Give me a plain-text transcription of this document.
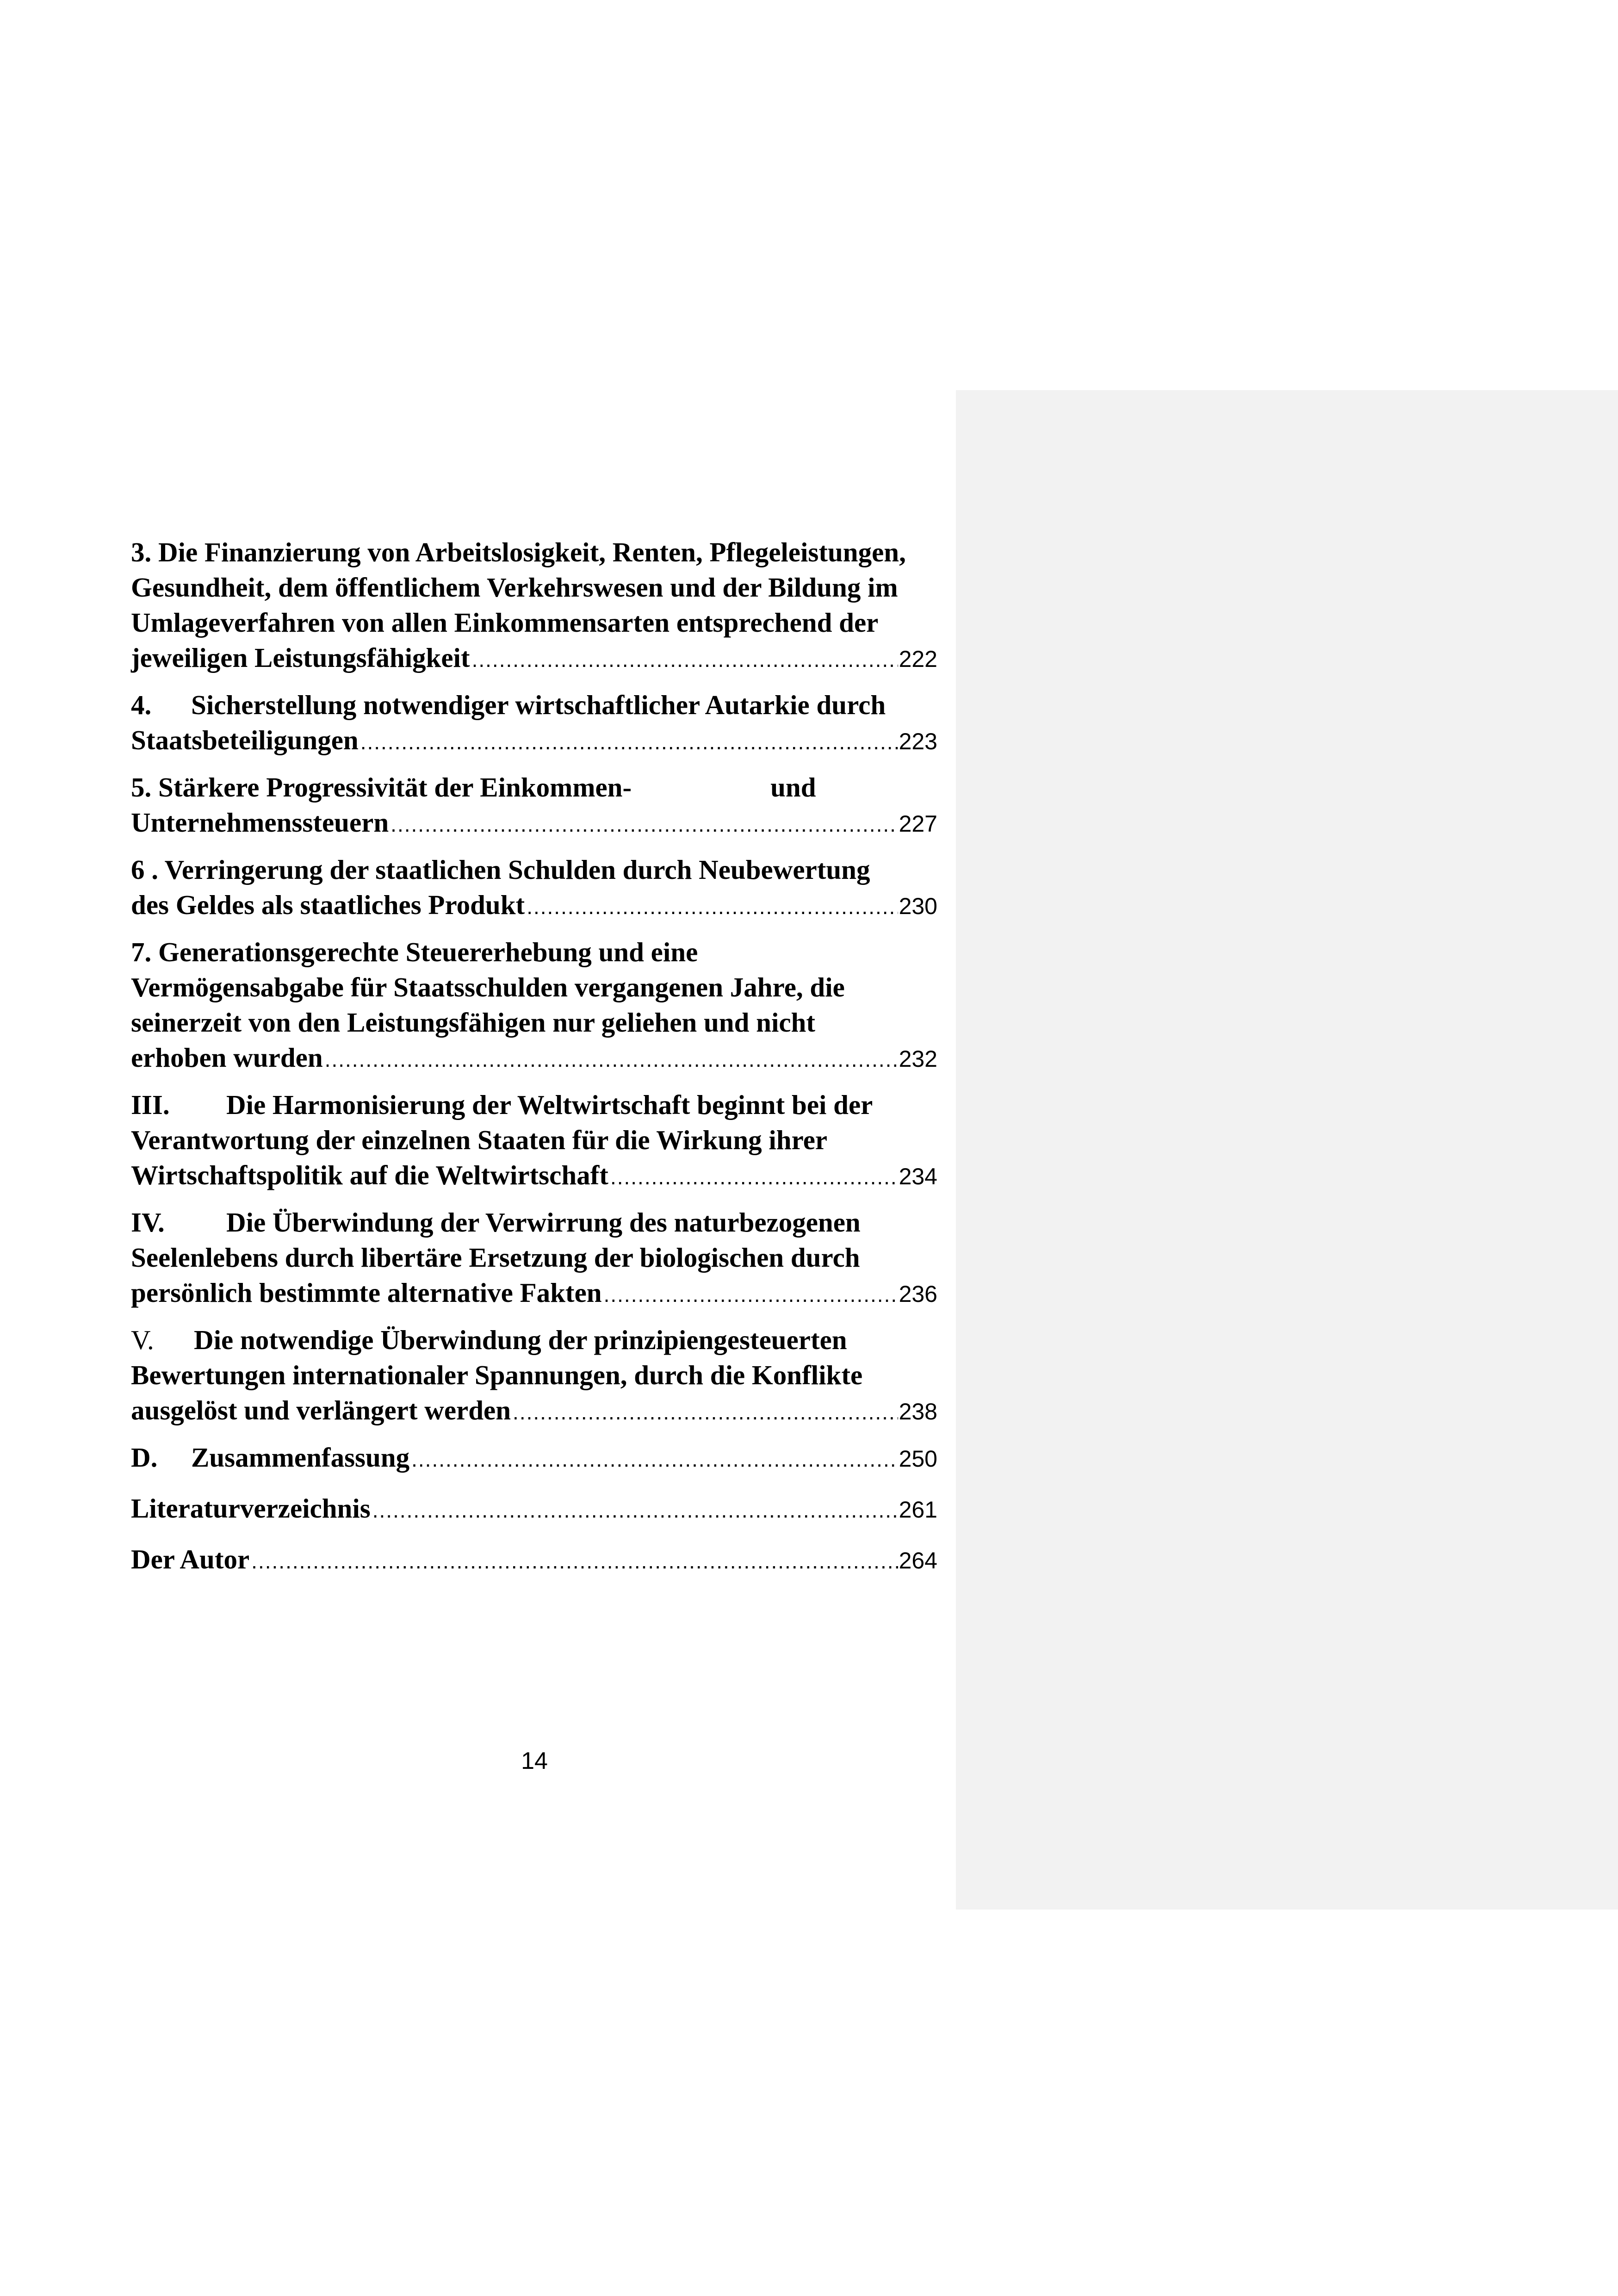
3. Die Finanzierung von Arbeitslosigkeit, Renten, Pflegeleistungen,
Gesundheit, dem öffentlichem Verkehrswesen und der Bildung im
Umlageverfahren von allen Einkommensarten entsprechend der
jeweiligen Leistungsfähigkeit .....	222
4. Sicherstellung notwendiger wirtschaftlicher Autarkie durch
Staatsbeteiligungen .....	223
5. Stärkere Progressivität der Einkommen-	und
Unternehmenssteuern .....	227
6 . Verringerung der staatlichen Schulden durch Neubewertung
des Geldes als staatliches Produkt .....	230
7. Generationsgerechte Steuererhebung und eine
Vermögensabgabe für Staatsschulden vergangenen Jahre, die
seinerzeit von den Leistungsfähigen nur geliehen und nicht
erhoben wurden .....	232
III. Die Harmonisierung der Weltwirtschaft beginnt bei der
Verantwortung der einzelnen Staaten für die Wirkung ihrer
Wirtschaftspolitik auf die Weltwirtschaft .....	234
IV. Die Überwindung der Verwirrung des naturbezogenen
Seelenlebens durch libertäre Ersetzung der biologischen durch
persönlich bestimmte alternative Fakten .....	236
V. Die notwendige Überwindung der prinzipiengesteuerten
Bewertungen internationaler Spannungen, durch die Konflikte
ausgelöst und verlängert werden .....	238
D. Zusammenfassung .....	250
Literaturverzeichnis .....	261
Der Autor .....	264
14
